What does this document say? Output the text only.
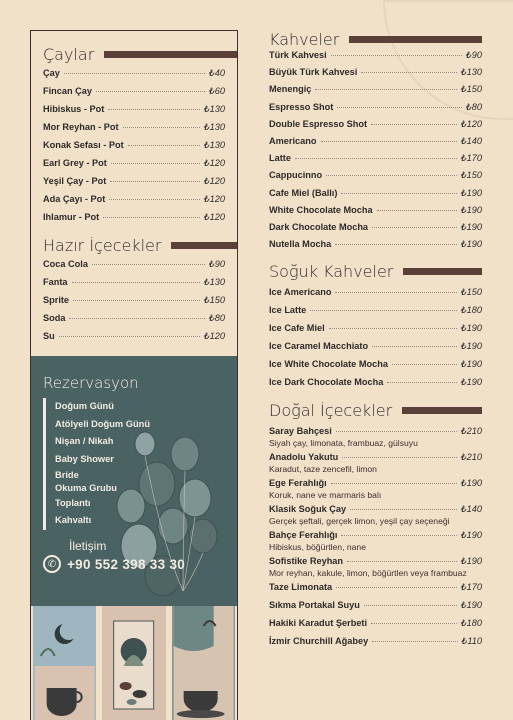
Çaylar
Çay	₺40
Fincan Çay	₺60
Hibiskus - Pot	₺130
Mor Reyhan - Pot	₺130
Konak Sefası - Pot	₺130
Earl Grey - Pot	₺120
Yeşil Çay - Pot	₺120
Ada Çayı - Pot	₺120
Ihlamur - Pot	₺120
Hazır İçecekler
Coca Cola	₺90
Fanta	₺130
Sprite	₺150
Soda	₺80
Su	₺120
Rezervasyon
Doğum Günü
Atölyeli Doğum Günü
Nişan / Nikah
Baby Shower
Bride
Okuma Grubu
Toplantı
Kahvaltı
İletişim
✆ +90 552 398 33 30
Kahveler
Türk Kahvesi	₺90
Büyük Türk Kahvesi	₺130
Menengiç	₺150
Espresso Shot	₺80
Double Espresso Shot	₺120
Americano	₺140
Latte	₺170
Cappucinno	₺150
Cafe Miel (Ballı)	₺190
White Chocolate Mocha	₺190
Dark Chocolate Mocha	₺190
Nutella Mocha	₺190
Soğuk Kahveler
Ice Americano	₺150
Ice Latte	₺180
Ice Cafe Miel	₺190
Ice Caramel Macchiato	₺190
Ice White Chocolate Mocha	₺190
Ice Dark Chocolate Mocha	₺190
Doğal İçecekler
Saray Bahçesi	₺210
Siyah çay, limonata, frambuaz, gülsuyu
Anadolu Yakutu	₺210
Karadut, taze zencefil, limon
Ege Ferahlığı	₺190
Koruk, nane ve marmaris balı
Klasik Soğuk Çay	₺140
Gerçek şeftali, gerçek limon, yeşil çay seçeneği
Bahçe Ferahlığı	₺190
Hibiskus, böğürtlen, nane
Sofistike Reyhan	₺190
Mor reyhan, kakule, limon, böğürtlen veya frambuaz
Taze Limonata	₺170
Sıkma Portakal Suyu	₺190
Hakiki Karadut Şerbeti	₺180
İzmir Churchill Ağabey	₺110
